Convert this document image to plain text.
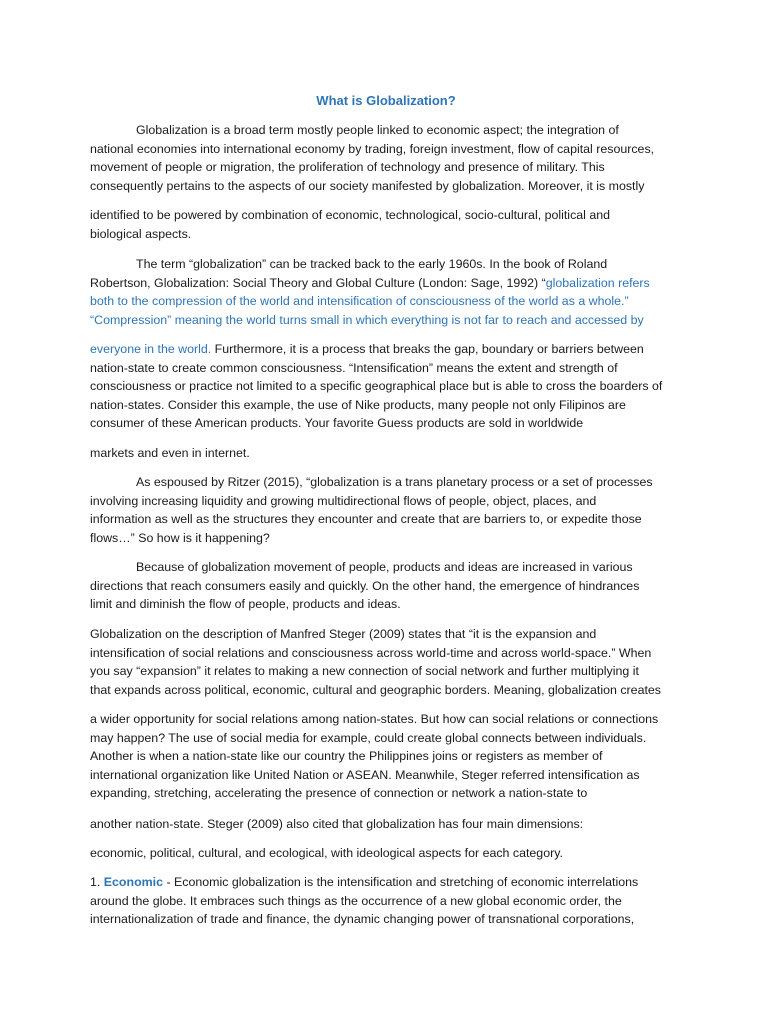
What is Globalization?
Globalization is a broad term mostly people linked to economic aspect; the integration of
national economies into international economy by trading, foreign investment, flow of capital resources,
movement of people or migration, the proliferation of technology and presence of military. This
consequently pertains to the aspects of our society manifested by globalization. Moreover, it is mostly
identified to be powered by combination of economic, technological, socio-cultural, political and
biological aspects.
The term “globalization” can be tracked back to the early 1960s. In the book of Roland
Robertson, Globalization: Social Theory and Global Culture (London: Sage, 1992) “globalization refers
both to the compression of the world and intensification of consciousness of the world as a whole.”
“Compression” meaning the world turns small in which everything is not far to reach and accessed by
everyone in the world. Furthermore, it is a process that breaks the gap, boundary or barriers between
nation-state to create common consciousness. “Intensification” means the extent and strength of
consciousness or practice not limited to a specific geographical place but is able to cross the boarders of
nation-states. Consider this example, the use of Nike products, many people not only Filipinos are
consumer of these American products. Your favorite Guess products are sold in worldwide
markets and even in internet.
As espoused by Ritzer (2015), “globalization is a trans planetary process or a set of processes
involving increasing liquidity and growing multidirectional flows of people, object, places, and
information as well as the structures they encounter and create that are barriers to, or expedite those
flows…” So how is it happening?
Because of globalization movement of people, products and ideas are increased in various
directions that reach consumers easily and quickly. On the other hand, the emergence of hindrances
limit and diminish the flow of people, products and ideas.
Globalization on the description of Manfred Steger (2009) states that “it is the expansion and
intensification of social relations and consciousness across world-time and across world-space.” When
you say “expansion” it relates to making a new connection of social network and further multiplying it
that expands across political, economic, cultural and geographic borders. Meaning, globalization creates
a wider opportunity for social relations among nation-states. But how can social relations or connections
may happen? The use of social media for example, could create global connects between individuals.
Another is when a nation-state like our country the Philippines joins or registers as member of
international organization like United Nation or ASEAN. Meanwhile, Steger referred intensification as
expanding, stretching, accelerating the presence of connection or network a nation-state to
another nation-state. Steger (2009) also cited that globalization has four main dimensions:
economic, political, cultural, and ecological, with ideological aspects for each category.
1. Economic - Economic globalization is the intensification and stretching of economic interrelations
around the globe. It embraces such things as the occurrence of a new global economic order, the
internationalization of trade and finance, the dynamic changing power of transnational corporations,
